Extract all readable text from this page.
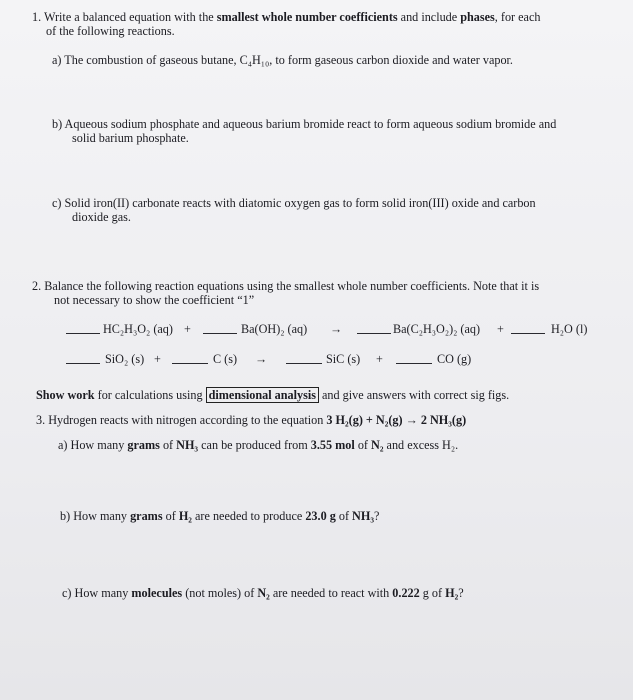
1. Write a balanced equation with the smallest whole number coefficients and include phases, for each
of the following reactions.
a) The combustion of gaseous butane, C₄H₁₀, to form gaseous carbon dioxide and water vapor.
b) Aqueous sodium phosphate and aqueous barium bromide react to form aqueous sodium bromide and
solid barium phosphate.
c) Solid iron(II) carbonate reacts with diatomic oxygen gas to form solid iron(III) oxide and carbon
dioxide gas.
2. Balance the following reaction equations using the smallest whole number coefficients. Note that it is
not necessary to show the coefficient “1”
HC₂H₃O₂ (aq) +	Ba(OH)₂ (aq) →	Ba(C₂H₃O₂)₂ (aq) +	H₂O (l)
SiO₂ (s) +	C (s) →	SiC (s) +	CO (g)
Show work for calculations using dimensional analysis and give answers with correct sig figs.
3. Hydrogen reacts with nitrogen according to the equation 3 H₂(g) + N₂(g) → 2 NH₃(g)
a) How many grams of NH₃ can be produced from 3.55 mol of N₂ and excess H₂.
b) How many grams of H₂ are needed to produce 23.0 g of NH₃?
c) How many molecules (not moles) of N₂ are needed to react with 0.222 g of H₂?
